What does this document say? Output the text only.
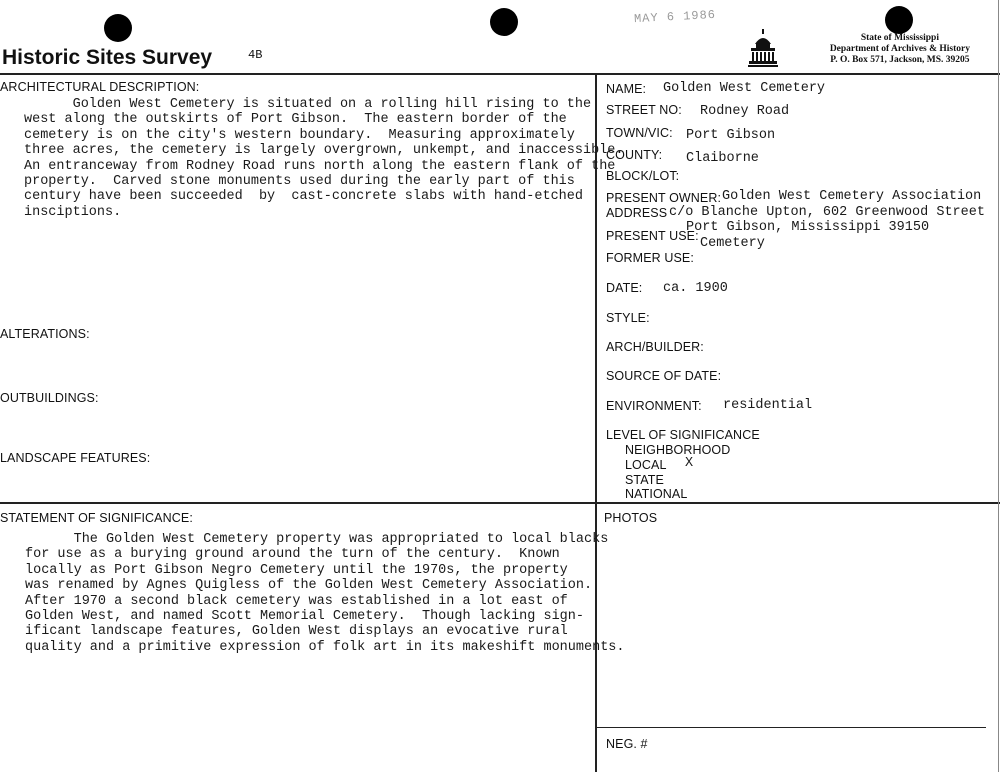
Historic Sites Survey	4B
MAY 6 1986
State of Mississippi
Department of Archives & History
P. O. Box 571, Jackson, MS. 39205
ARCHITECTURAL DESCRIPTION:
Golden West Cemetery is situated on a rolling hill rising to the
west along the outskirts of Port Gibson.  The eastern border of the
cemetery is on the city's western boundary.  Measuring approximately
three acres, the cemetery is largely overgrown, unkempt, and inaccessible.
An entranceway from Rodney Road runs north along the eastern flank of the
property.  Carved stone monuments used during the early part of this
century have been succeeded  by  cast-concrete slabs with hand-etched
insciptions.
ALTERATIONS:
OUTBUILDINGS:
LANDSCAPE FEATURES:
STATEMENT OF SIGNIFICANCE:
The Golden West Cemetery property was appropriated to local blacks
for use as a burying ground around the turn of the century.  Known
locally as Port Gibson Negro Cemetery until the 1970s, the property
was renamed by Agnes Quigless of the Golden West Cemetery Association.
After 1970 a second black cemetery was established in a lot east of
Golden West, and named Scott Memorial Cemetery.  Though lacking sign-
ificant landscape features, Golden West displays an evocative rural
quality and a primitive expression of folk art in its makeshift monuments.
NAME: Golden West Cemetery
STREET NO: Rodney Road
TOWN/VIC: Port Gibson
COUNTY: Claiborne
BLOCK/LOT:
PRESENT OWNER: Golden West Cemetery Association
ADDRESS c/o Blanche Upton, 602 Greenwood Street
Port Gibson, Mississippi 39150
PRESENT USE: Cemetery
FORMER USE:
DATE: ca. 1900
STYLE:
ARCH/BUILDER:
SOURCE OF DATE:
ENVIRONMENT: residential
LEVEL OF SIGNIFICANCE
NEIGHBORHOOD
LOCAL X
STATE
NATIONAL
PHOTOS
NEG. #
